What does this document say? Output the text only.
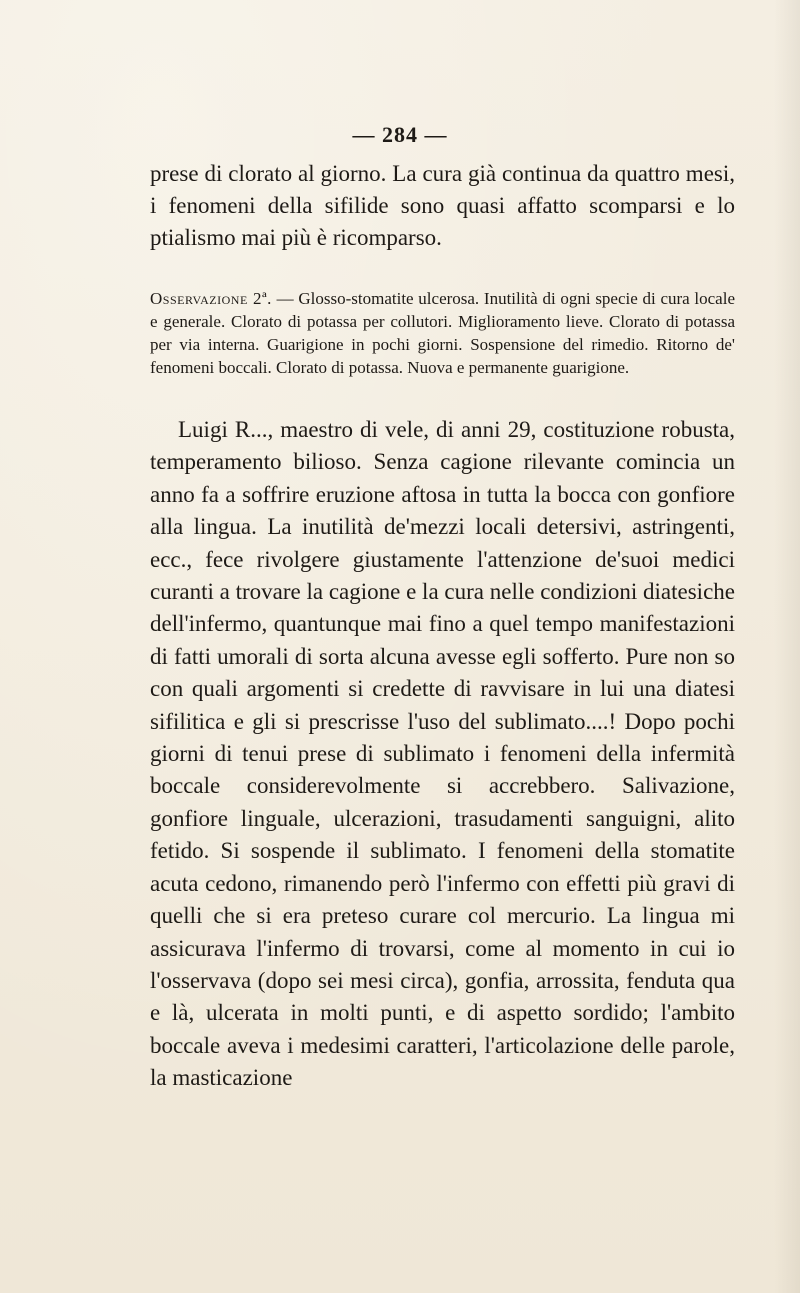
— 284 —

prese di clorato al giorno. La cura già continua da quattro mesi, i fenomeni della sifilide sono quasi affatto scomparsi e lo ptialismo mai più è ricomparso.

Osservazione 2ª. — Glosso-stomatite ulcerosa. Inutilità di ogni specie di cura locale e generale. Clorato di potassa per collutori. Miglioramento lieve. Clorato di potassa per via interna. Guarigione in pochi giorni. Sospensione del rimedio. Ritorno de' fenomeni boccali. Clorato di potassa. Nuova e permanente guarigione.

Luigi R..., maestro di vele, di anni 29, costituzione robusta, temperamento bilioso. Senza cagione rilevante comincia un anno fa a soffrire eruzione aftosa in tutta la bocca con gonfiore alla lingua. La inutilità de'mezzi locali detersivi, astringenti, ecc., fece rivolgere giustamente l'attenzione de'suoi medici curanti a trovare la cagione e la cura nelle condizioni diatesiche dell'infermo, quantunque mai fino a quel tempo manifestazioni di fatti umorali di sorta alcuna avesse egli sofferto. Pure non so con quali argomenti si credette di ravvisare in lui una diatesi sifilitica e gli si prescrisse l'uso del sublimato....! Dopo pochi giorni di tenui prese di sublimato i fenomeni della infermità boccale considerevolmente si accrebbero. Salivazione, gonfiore linguale, ulcerazioni, trasudamenti sanguigni, alito fetido. Si sospende il sublimato. I fenomeni della stomatite acuta cedono, rimanendo però l'infermo con effetti più gravi di quelli che si era preteso curare col mercurio. La lingua mi assicurava l'infermo di trovarsi, come al momento in cui io l'osservava (dopo sei mesi circa), gonfia, arrossita, fenduta qua e là, ulcerata in molti punti, e di aspetto sordido; l'ambito boccale aveva i medesimi caratteri, l'articolazione delle parole, la masticazione
